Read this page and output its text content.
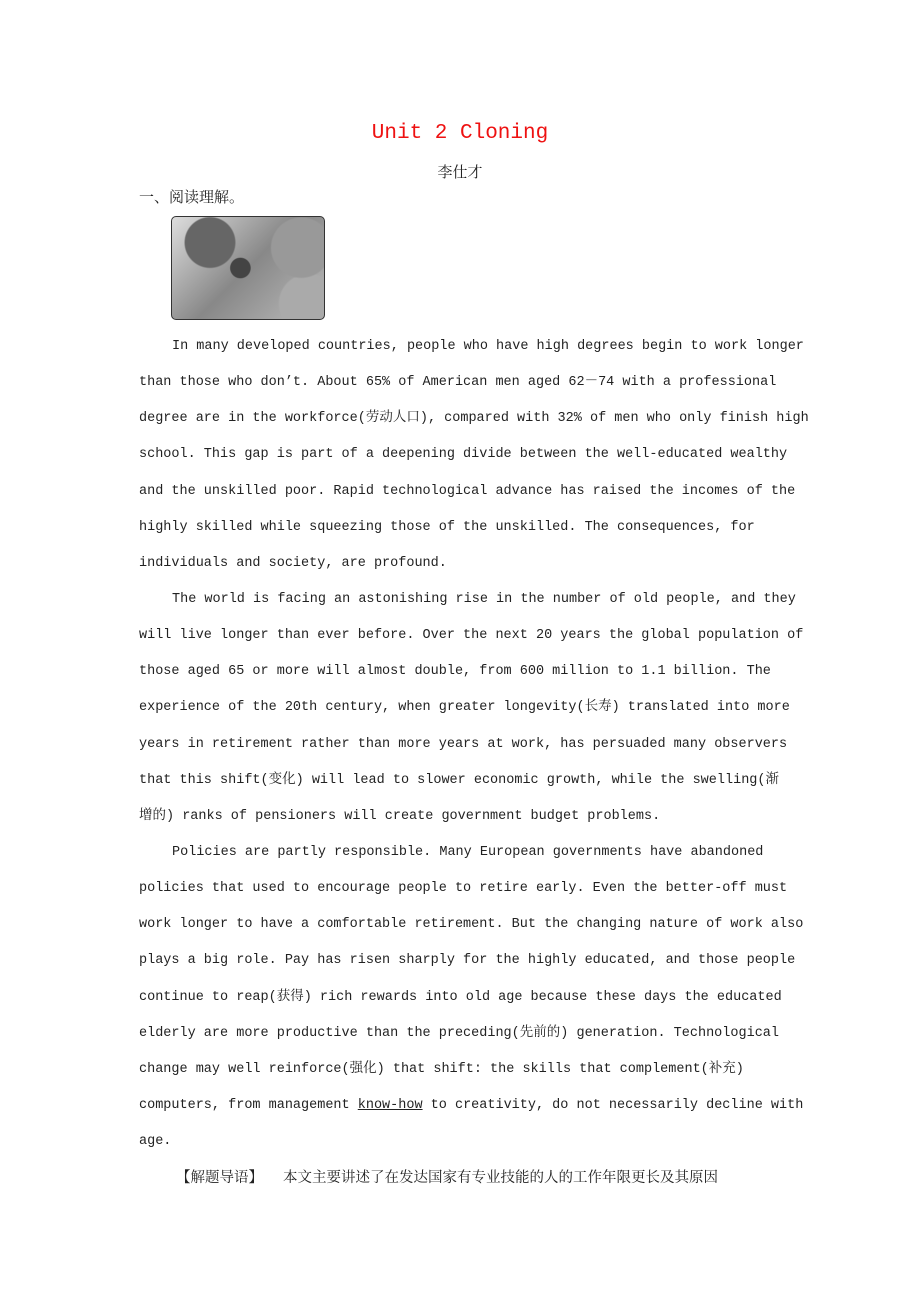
Unit 2 Cloning
李仕才
一、阅读理解。
In many developed countries, people who have high degrees begin to work longer
than those who don’t. About 65% of American men aged 62－74 with a professional
degree are in the workforce(劳动人口), compared with 32% of men who only finish high
school. This gap is part of a deepening divide between the well-educated wealthy
and the unskilled poor. Rapid technological advance has raised the incomes of the
highly skilled while squeezing those of the unskilled. The consequences, for
individuals and society, are profound.
The world is facing an astonishing rise in the number of old people, and they
will live longer than ever before. Over the next 20 years the global population of
those aged 65 or more will almost double, from 600 million to 1.1 billion. The
experience of the 20th century, when greater longevity(长寿) translated into more
years in retirement rather than more years at work, has persuaded many observers
that this shift(变化) will lead to slower economic growth, while the swelling(渐
增的) ranks of pensioners will create government budget problems.
Policies are partly responsible. Many European governments have abandoned
policies that used to encourage people to retire early. Even the better-off must
work longer to have a comfortable retirement. But the changing nature of work also
plays a big role. Pay has risen sharply for the highly educated, and those people
continue to reap(获得) rich rewards into old age because these days the educated
elderly are more productive than the preceding(先前的) generation. Technological
change may well reinforce(强化) that shift: the skills that complement(补充)
computers, from management know-how to creativity, do not necessarily decline with
age.
【解题导语】 本文主要讲述了在发达国家有专业技能的人的工作年限更长及其原因
